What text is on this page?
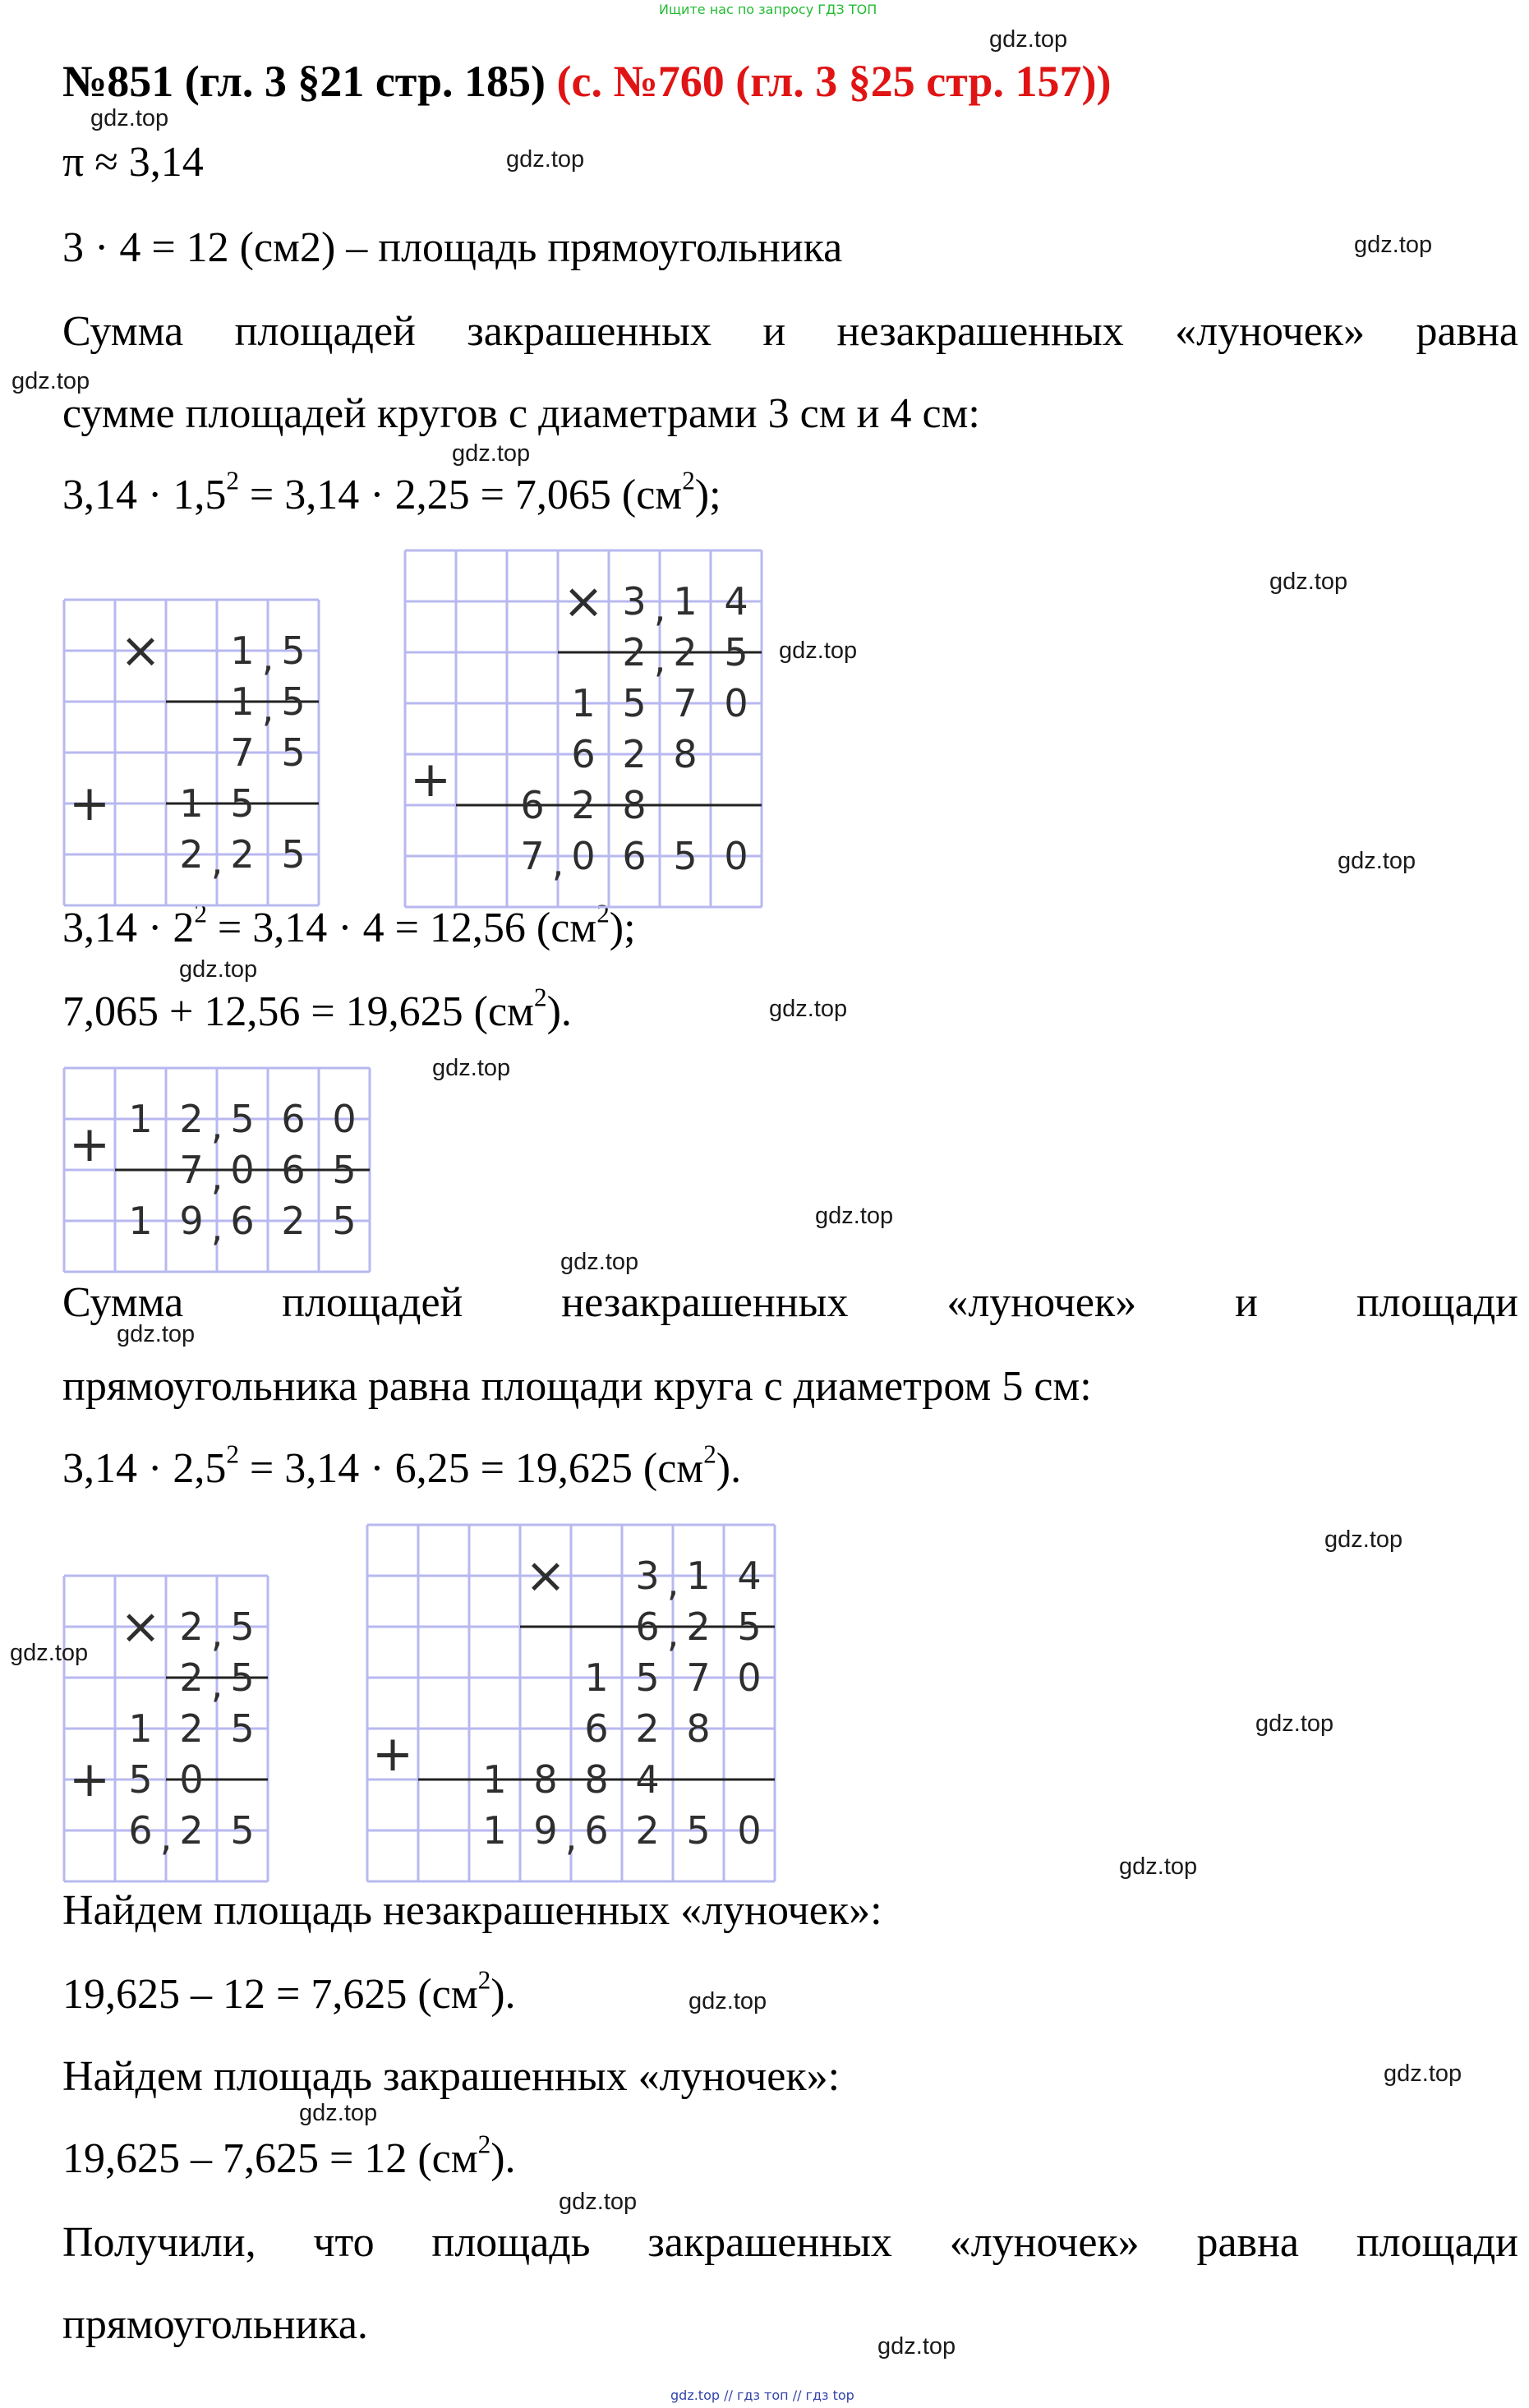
Ищите нас по запросу ГДЗ ТОП
№851 (гл. 3 §21 стр. 185) (с. №760 (гл. 3 §25 стр. 157))
π ≈ 3,14
3 · 4 = 12 (см2) – площадь прямоугольника
Сумма площадей закрашенных и незакрашенных «луночек» равна
сумме площадей кругов с диаметрами 3 см и 4 см:
$3,14 \cdot 1,5^2 = 3,14 \cdot 2,25 = 7,065$ $(см^2)$;
$3,14 \cdot 2^2 = 3,14 \cdot 4 = 12,56$ $(см^2)$;
7,065 + 12,56 = 19,625 $(см^2)$.
Сумма площадей незакрашенных «луночек» и площади
прямоугольника равна площади круга с диаметром 5 см:
$3,14 \cdot 2,5^2 = 3,14 \cdot 6,25 = 19,625$ $(см^2)$.
Найдем площадь незакрашенных «луночек»:
19,625 – 12 = 7,625 $(см^2)$.
Найдем площадь закрашенных «луночек»:
19,625 – 7,625 = 12 $(см^2)$.
Получили, что площадь закрашенных «луночек» равна площади
прямоугольника.
×
+
1 , 5
1 , 5
7 5
1 5
2 , 2 5
×
+
3 , 1 4
2 , 2 5
1 5 7 0
6 2 8
6 2 8
7 , 0 6 5 0
+ 1 2 , 5 6 0
7 , 0 6 5
1 9 , 6 2 5
×
+
2 , 5
2 , 5
1 2 5
5 0
6 , 2 5
×
+
3 , 1 4
6 , 2 5
1 5 7 0
6 2 8
1 8 8 4
1 9 , 6 2 5 0
gdz.top
gdz.top
gdz.top
gdz.top
gdz.top
gdz.top
gdz.top
gdz.top
gdz.top
gdz.top
gdz.top
gdz.top
gdz.top
gdz.top
gdz.top
gdz.top
gdz.top
gdz.top
gdz.top
gdz.top
gdz.top
gdz.top
gdz.top
gdz.top
gdz.top // гдз топ // гдз top
